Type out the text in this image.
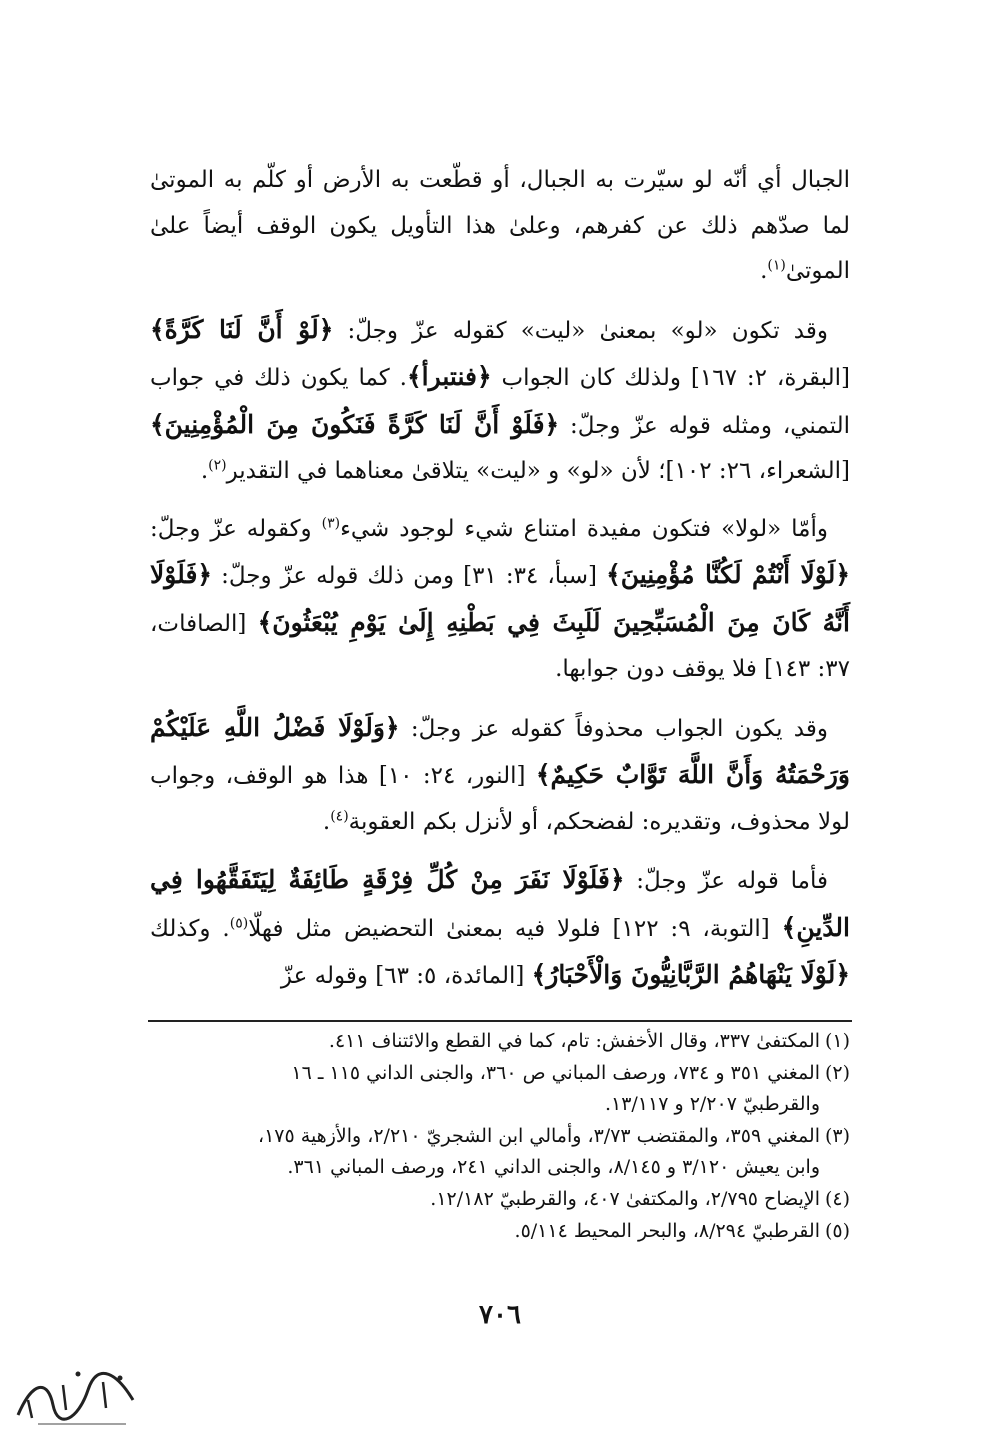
الجبال أي أنّه لو سيّرت به الجبال، أو قطّعت به الأرض أو كلّم به الموتىٰ لما صدّهم ذلك عن كفرهم، وعلىٰ هذا التأويل يكون الوقف أيضاً علىٰ الموتىٰ$^{(١)}$.

وقد تكون «لو» بمعنىٰ «ليت» كقوله عزّ وجلّ: ﴿لَوْ أَنَّ لَنَا كَرَّةً﴾ [البقرة، ٢: ١٦٧] ولذلك كان الجواب ﴿فنتبرأ﴾. كما يكون ذلك في جواب التمني، ومثله قوله عزّ وجلّ: ﴿فَلَوْ أَنَّ لَنَا كَرَّةً فَنَكُونَ مِنَ الْمُؤْمِنِينَ﴾ [الشعراء، ٢٦: ١٠٢]؛ لأن «لو» و «ليت» يتلاقىٰ معناهما في التقدير$^{(٢)}$.

وأمّا «لولا» فتكون مفيدة امتناع شيء لوجود شيء$^{(٣)}$ وكقوله عزّ وجلّ: ﴿لَوْلَا أَنْتُمْ لَكُنَّا مُؤْمِنِينَ﴾ [سبأ، ٣٤: ٣١] ومن ذلك قوله عزّ وجلّ: ﴿فَلَوْلَا أَنَّهُ كَانَ مِنَ الْمُسَبِّحِينَ لَلَبِثَ فِي بَطْنِهِ إِلَىٰ يَوْمِ يُبْعَثُونَ﴾ [الصافات، ٣٧: ١٤٣] فلا يوقف دون جوابها.

وقد يكون الجواب محذوفاً كقوله عز وجلّ: ﴿وَلَوْلَا فَضْلُ اللَّهِ عَلَيْكُمْ وَرَحْمَتُهُ وَأَنَّ اللَّهَ تَوَّابٌ حَكِيمٌ﴾ [النور، ٢٤: ١٠] هذا هو الوقف، وجواب لولا محذوف، وتقديره: لفضحكم، أو لأنزل بكم العقوبة$^{(٤)}$.

فأما قوله عزّ وجلّ: ﴿فَلَوْلَا نَفَرَ مِنْ كُلِّ فِرْقَةٍ طَائِفَةٌ لِيَتَفَقَّهُوا فِي الدِّينِ﴾ [التوبة، ٩: ١٢٢] فلولا فيه بمعنىٰ التحضيض مثل فهلّا$^{(٥)}$. وكذلك ﴿لَوْلَا يَنْهَاهُمُ الرَّبَّانِيُّونَ وَالْأَحْبَارُ﴾ [المائدة، ٥: ٦٣] وقوله عزّ

(١)المكتفىٰ ٣٣٧، وقال الأخفش: تام، كما في القطع والائتناف ٤١١.
(٢)المغني ٣٥١ و ٧٣٤، ورصف المباني ص ٣٦٠، والجنى الداني ١١٥ ـ ١٦
والقرطبيّ ٢/٢٠٧ و ١٣/١١٧.
(٣)المغني ٣٥٩، والمقتضب ٣/٧٣، وأمالي ابن الشجريّ ٢/٢١٠، والأزهية ١٧٥،
وابن يعيش ٣/١٢٠ و ٨/١٤٥، والجنى الداني ٢٤١، ورصف المباني ٣٦١.
(٤)الإيضاح ٢/٧٩٥، والمكتفىٰ ٤٠٧، والقرطبيّ ١٢/١٨٢.
(٥)القرطبيّ ٨/٢٩٤، والبحر المحيط ٥/١١٤.
٧٠٦
